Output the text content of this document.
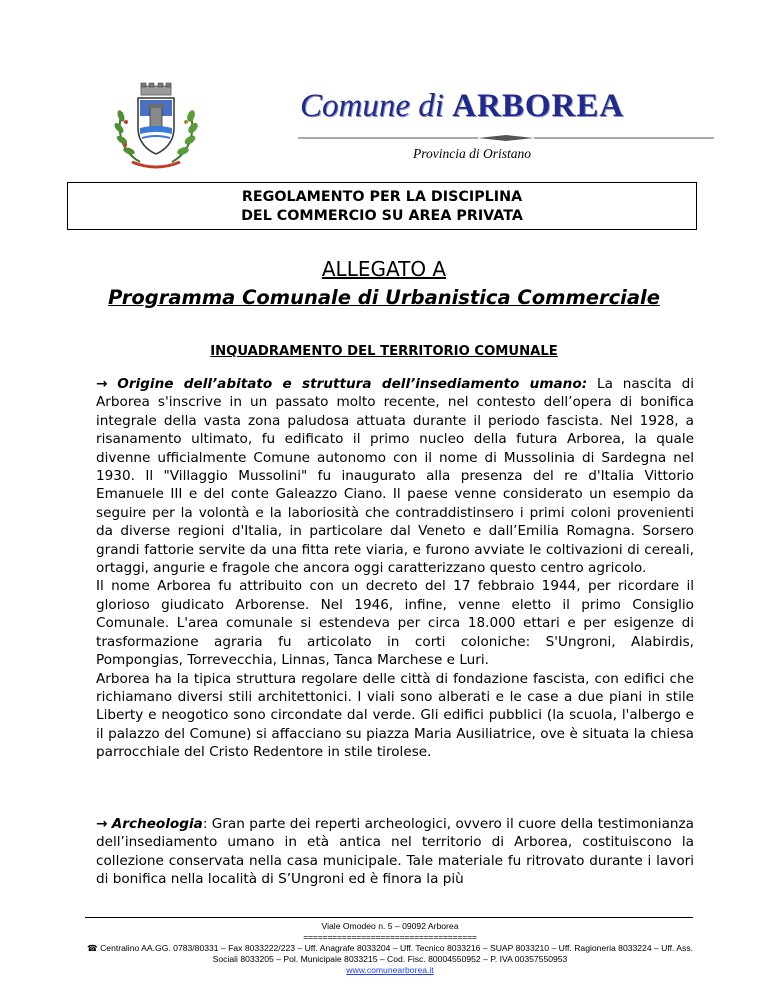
Comune di ARBOREA
Provincia di Oristano
REGOLAMENTO PER LA DISCIPLINA
DEL COMMERCIO SU AREA PRIVATA
ALLEGATO A
Programma Comunale di Urbanistica Commerciale
INQUADRAMENTO DEL TERRITORIO COMUNALE

→ Origine dell’abitato e struttura dell’insediamento umano: La nascita di Arborea s'inscrive in un passato molto recente, nel contesto dell’opera di bonifica integrale della vasta zona paludosa attuata durante il periodo fascista. Nel 1928, a risanamento ultimato, fu edificato il primo nucleo della futura Arborea, la quale divenne ufficialmente Comune autonomo con il nome di Mussolinia di Sardegna nel 1930. Il "Villaggio Mussolini" fu inaugurato alla presenza del re d'Italia Vittorio Emanuele III e del conte Galeazzo Ciano. Il paese venne considerato un esempio da seguire per la volontà e la laboriosità che contraddistinsero i primi coloni provenienti da diverse regioni d'Italia, in particolare dal Veneto e dall’Emilia Romagna. Sorsero grandi fattorie servite da una fitta rete viaria, e furono avviate le coltivazioni di cereali, ortaggi, angurie e fragole che ancora oggi caratterizzano questo centro agricolo.

Il nome Arborea fu attribuito con un decreto del 17 febbraio 1944, per ricordare il glorioso giudicato Arborense. Nel 1946, infine, venne eletto il primo Consiglio Comunale. L'area comunale si estendeva per circa 18.000 ettari e per esigenze di trasformazione agraria fu articolato in corti coloniche: S'Ungroni, Alabirdis, Pompongias, Torrevecchia, Linnas, Tanca Marchese e Luri.

Arborea ha la tipica struttura regolare delle città di fondazione fascista, con edifici che richiamano diversi stili architettonici. I viali sono alberati e le case a due piani in stile Liberty e neogotico sono circondate dal verde. Gli edifici pubblici (la scuola, l'albergo e il palazzo del Comune) si affacciano su piazza Maria Ausiliatrice, ove è situata la chiesa parrocchiale del Cristo Redentore in stile tirolese.

→ Archeologia: Gran parte dei reperti archeologici, ovvero il cuore della testimonianza dell’insediamento umano in età antica nel territorio di Arborea, costituiscono la collezione conservata nella casa municipale. Tale materiale fu ritrovato durante i lavori di bonifica nella località di S’Ungroni ed è finora la più

Viale Omodeo n. 5 – 09092 Arborea
====================================
☎ Centralino AA.GG. 0783/80331 – Fax 8033222/223 – Uff. Anagrafe 8033204 – Uff. Tecnico 8033216 – SUAP 8033210 – Uff. Ragioneria 8033224 – Uff. Ass.
Sociali 8033205 – Pol. Municipale 8033215 – Cod. Fisc. 80004550952 – P. IVA 00357550953
www.comunearborea.it
